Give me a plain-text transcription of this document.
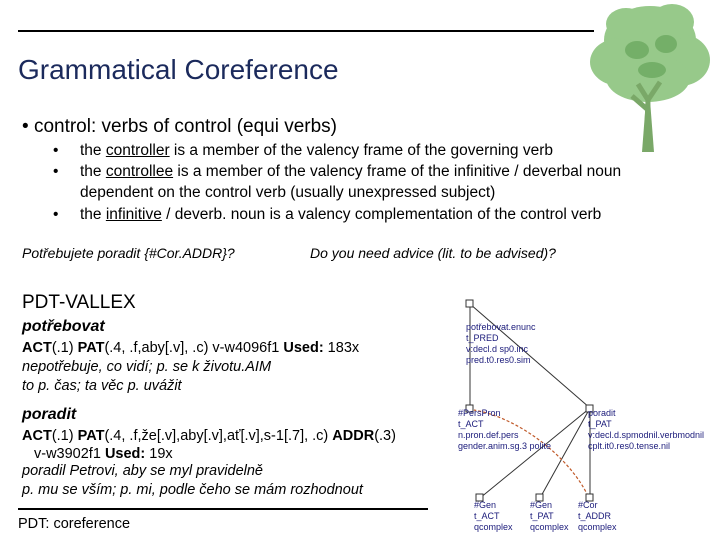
Grammatical Coreference
• control: verbs of control (equi verbs)
• the controller is a member of the valency frame of the governing verb
• the controllee is a member of the valency frame of the infinitive / deverbal noun
dependent on the control verb (usually unexpressed subject)
• the infinitive / deverb. noun is a valency complementation of the control verb
Potřebujete poradit {#Cor.ADDR}?	Do you need advice (lit. to be advised)?
PDT-VALLEX
potřebovat
ACT(.1) PAT(.4, .f,aby[.v], .c) v-w4096f1 Used: 183x
nepotřebuje, co vidí; p. se k životu.AIM
to p. čas; ta věc p. uvážit
poradit
ACT(.1) PAT(.4, .f,že[.v],aby[.v],ať[.v],s-1[.7], .c) ADDR(.3)
v-w3902f1 Used: 19x
poradil Petrovi, aby se myl pravidelně
p. mu se vším; p. mi, podle čeho se mám rozhodnout
PDT: coreference
potřebovat.enunc
t_PRED
v:decl.d sp0.inc
pred.t0.res0.sim
#PersPron
t_ACT
n.pron.def.pers
gender.anim.sg.3 polite
poradit
t_PAT
v:decl.d.spmodnil.verbmodnil
cplt.it0.res0.tense.nil
#Gen
t_ACT
qcomplex
#Gen
t_PAT
qcomplex
#Cor
t_ADDR
qcomplex
